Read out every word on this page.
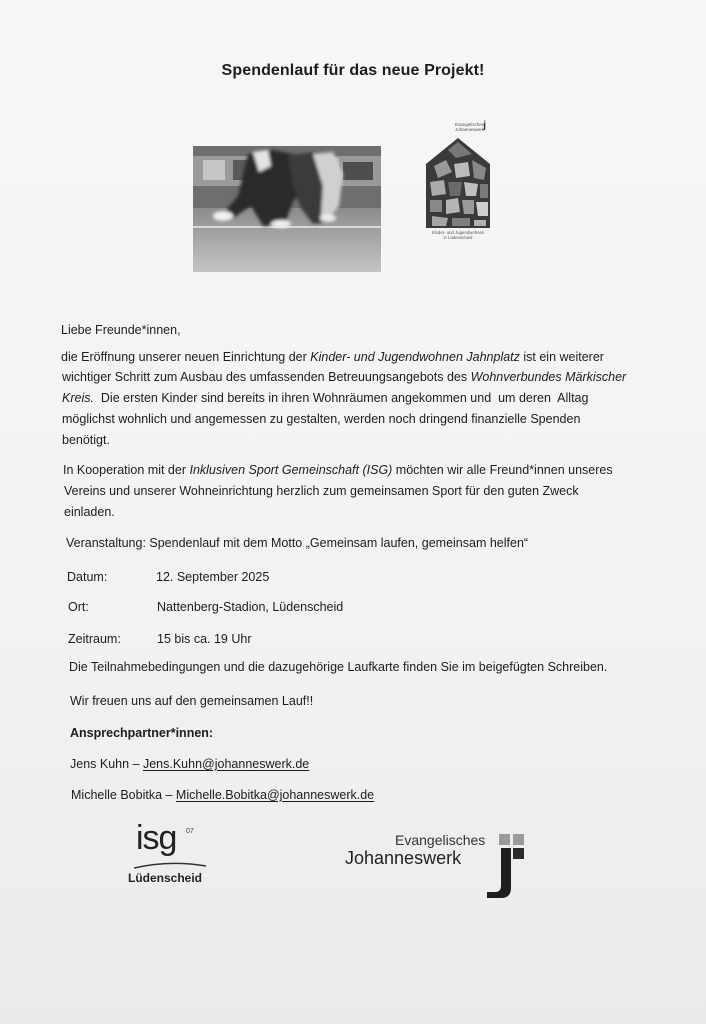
Spendenlauf für das neue Projekt!
Evangelisches
Johanneswerk j
Kinder- und Jugendwohnen
in Lüdenscheid
Liebe Freunde*innen,
die Eröffnung unserer neuen Einrichtung der Kinder- und Jugendwohnen Jahnplatz ist ein weiterer
wichtiger Schritt zum Ausbau des umfassenden Betreuungsangebots des Wohnverbundes Märkischer
Kreis.  Die ersten Kinder sind bereits in ihren Wohnräumen angekommen und  um deren  Alltag
möglichst wohnlich und angemessen zu gestalten, werden noch dringend finanzielle Spenden
benötigt.
In Kooperation mit der Inklusiven Sport Gemeinschaft (ISG) möchten wir alle Freund*innen unseres
Vereins und unserer Wohneinrichtung herzlich zum gemeinsamen Sport für den guten Zweck
einladen.
Veranstaltung: Spendenlauf mit dem Motto „Gemeinsam laufen, gemeinsam helfen“
Datum:	12. September 2025
Ort:	Nattenberg-Stadion, Lüdenscheid
Zeitraum:	15 bis ca. 19 Uhr
Die Teilnahmebedingungen und die dazugehörige Laufkarte finden Sie im beigefügten Schreiben.
Wir freuen uns auf den gemeinsamen Lauf!!
Ansprechpartner*innen:
Jens Kuhn – Jens.Kuhn@johanneswerk.de
Michelle Bobitka – Michelle.Bobitka@johanneswerk.de
isg 07
Lüdenscheid
Evangelisches
Johanneswerk
